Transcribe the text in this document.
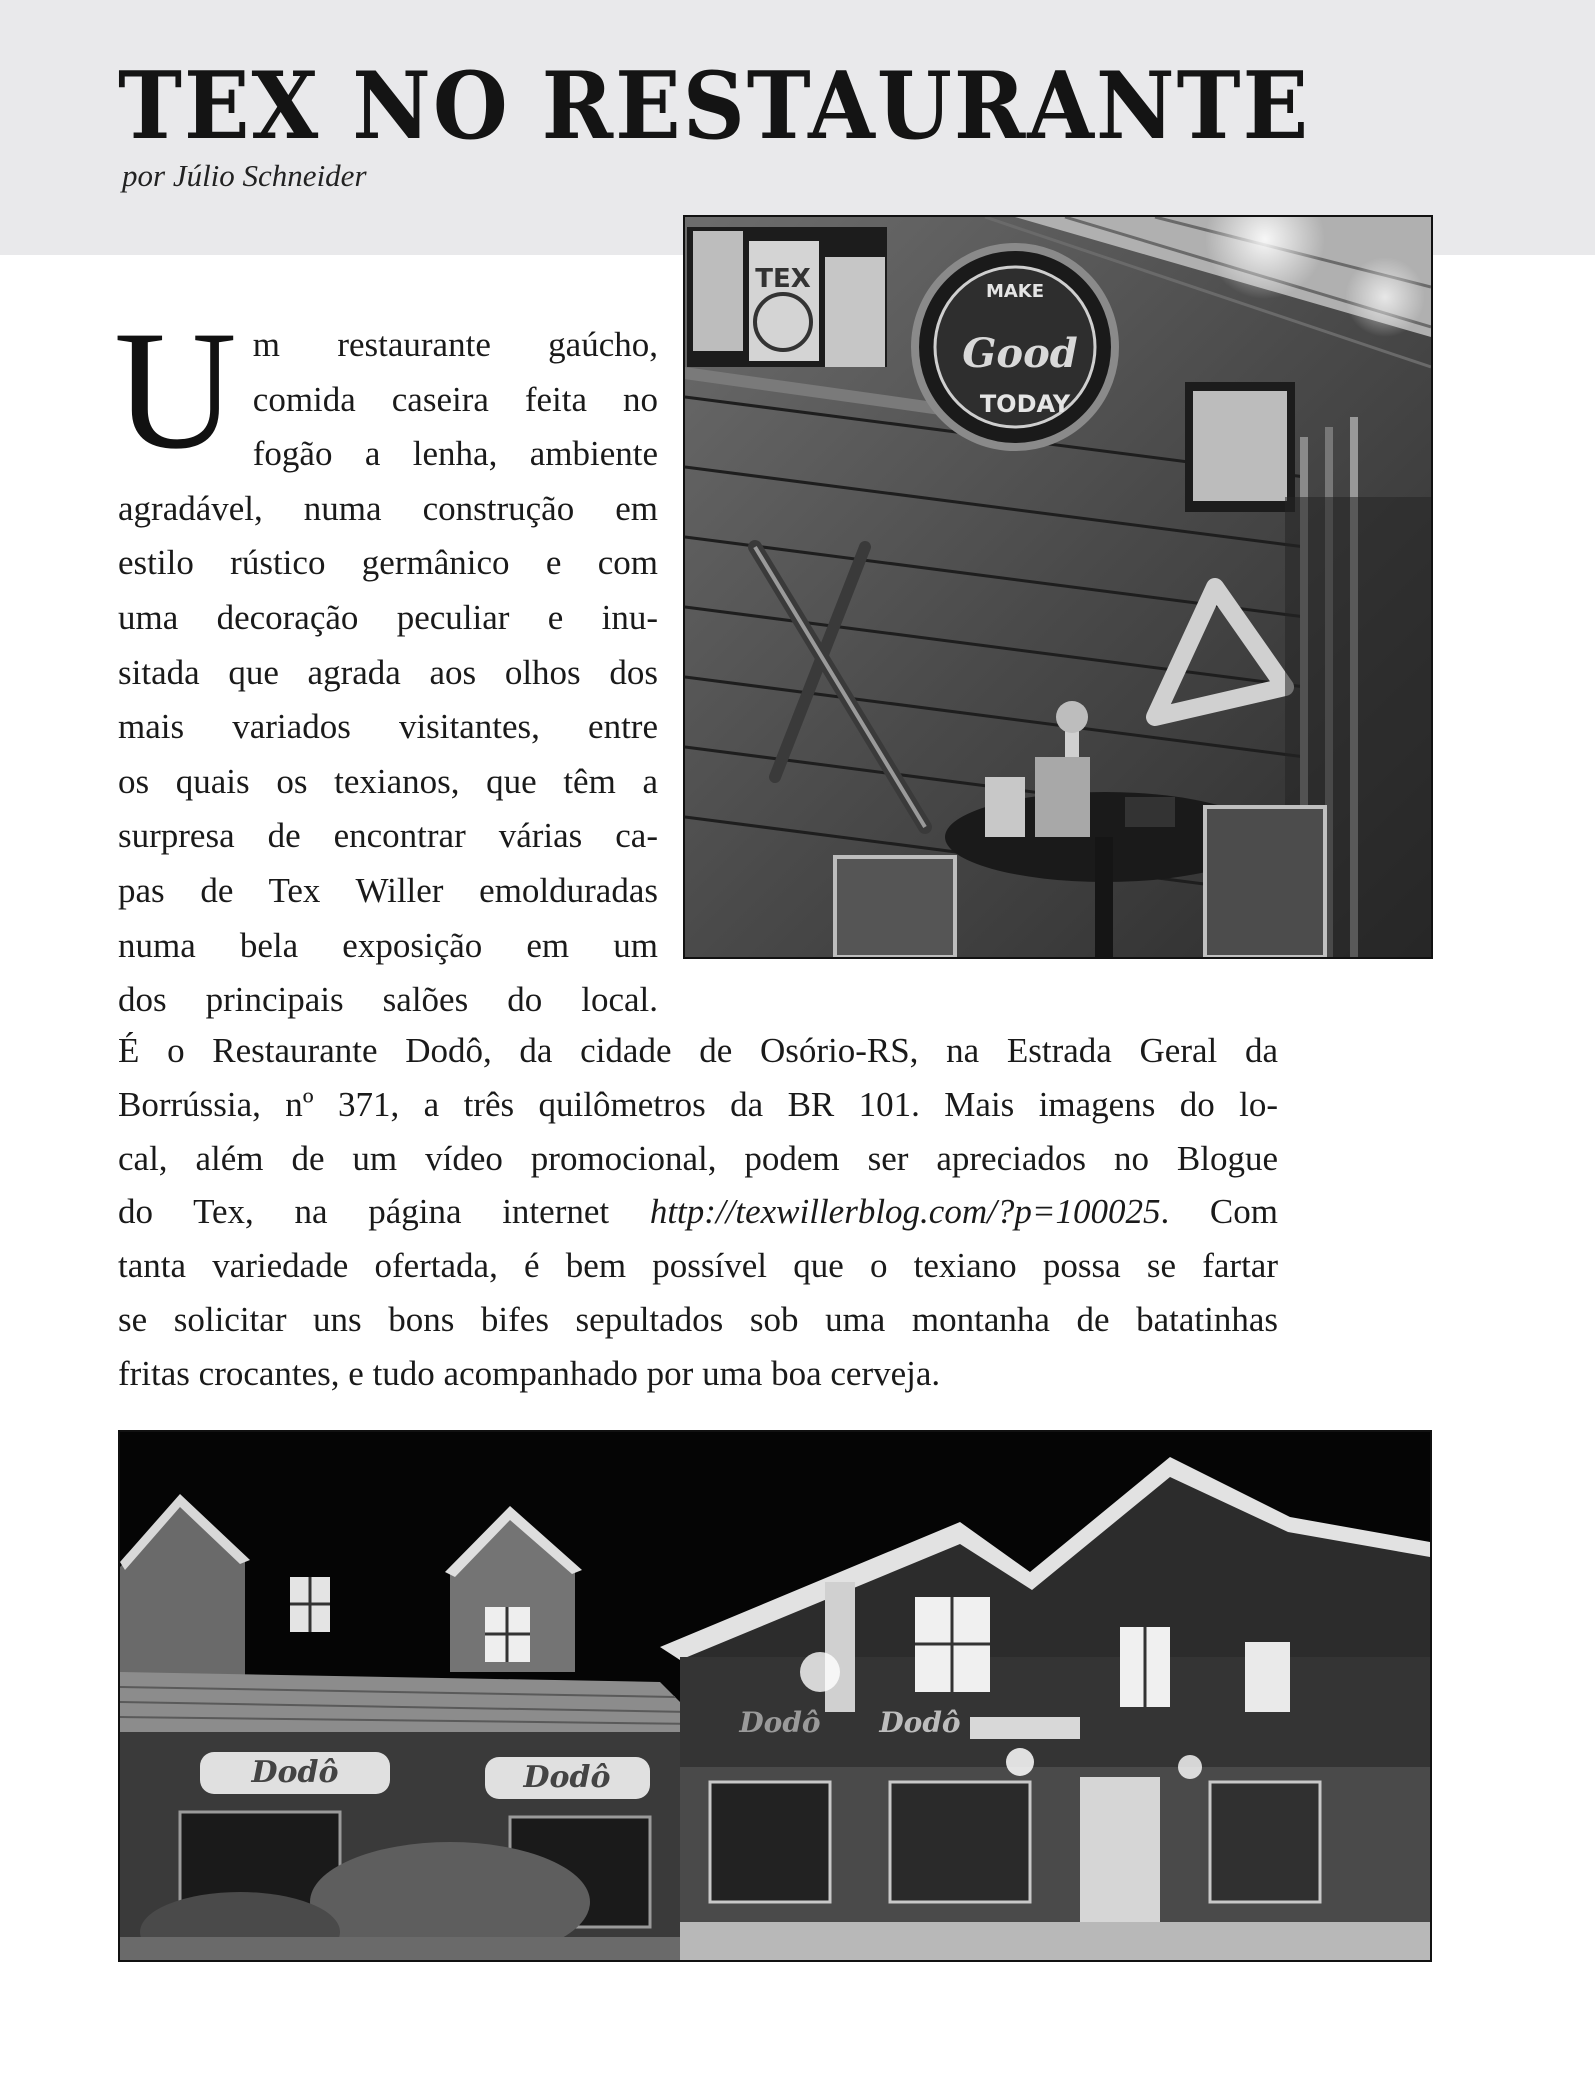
TEX NO RESTAURANTE
por Júlio Schneider
TEX	MAKE
Good
TODAY
U m restaurante gaúcho,
comida caseira feita no
fogão a lenha, ambiente
agradável, numa construção em
estilo rústico germânico e com
uma decoração peculiar e inu-
sitada que agrada aos olhos dos
mais variados visitantes, entre
os quais os texianos, que têm a
surpresa de encontrar várias ca-
pas de Tex Willer emolduradas
numa bela exposição em um
dos principais salões do local.
É o Restaurante Dodô, da cidade de Osório-RS, na Estrada Geral da
Borrússia, nº 371, a três quilômetros da BR 101. Mais imagens do lo-
cal, além de um vídeo promocional, podem ser apreciados no Blogue
do Tex, na página internet http://texwillerblog.com/?p=100025. Com
tanta variedade ofertada, é bem possível que o texiano possa se fartar
se solicitar uns bons bifes sepultados sob uma montanha de batatinhas
fritas crocantes, e tudo acompanhado por uma boa cerveja.
Dodô	Dodô
Dodô Dodô
